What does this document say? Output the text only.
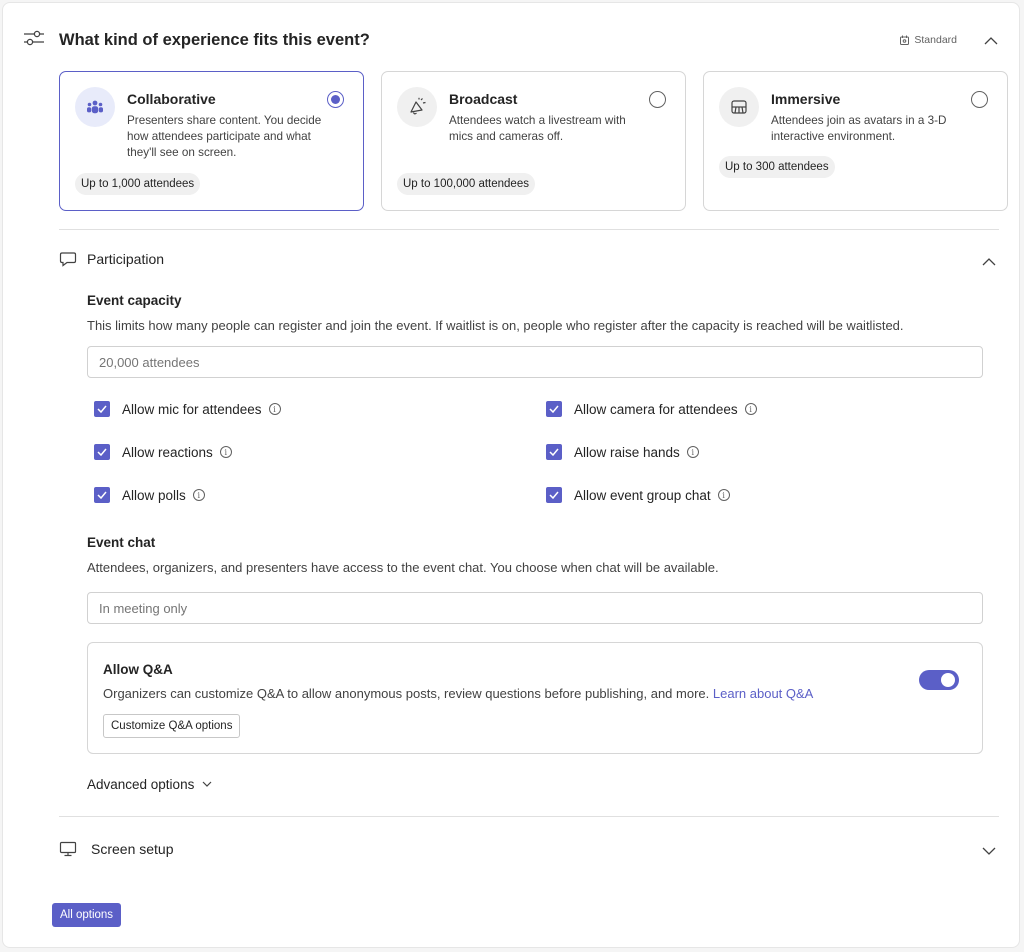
What kind of experience fits this event?	Standard
Collaborative
Presenters share content. You decide how attendees participate and what they'll see on screen.
Up to 1,000 attendees
Broadcast
Attendees watch a livestream with mics and cameras off.
Up to 100,000 attendees
Immersive
Attendees join as avatars in a 3-D interactive environment.
Up to 300 attendees
Participation
Event capacity
This limits how many people can register and join the event. If waitlist is on, people who register after the capacity is reached will be waitlisted.
20,000 attendees
Allow mic for attendees	i	Allow camera for attendees	i
Allow reactions	i	Allow raise hands	i
Allow polls	i	Allow event group chat	i
Event chat
Attendees, organizers, and presenters have access to the event chat. You choose when chat will be available.
In meeting only
Allow Q&A
Organizers can customize Q&A to allow anonymous posts, review questions before publishing, and more. Learn about Q&A
Customize Q&A options
Advanced options
Screen setup
All options
